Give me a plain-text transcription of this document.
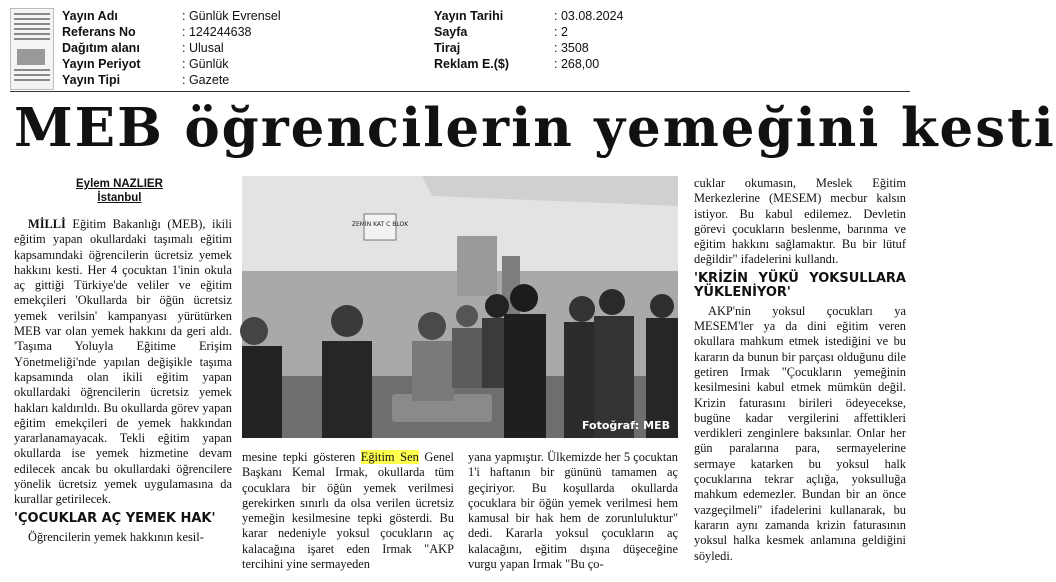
Yayın Adı	: Günlük Evrensel
Referans No	: 124244638
Dağıtım alanı	: Ulusal
Yayın Periyot	: Günlük
Yayın Tipi	: Gazete
Yayın Tarihi	: 03.08.2024
Sayfa	: 2
Tiraj	: 3508
Reklam E.($)	: 268,00
MEB öğrencilerin yemeğini kesti
Eylem NAZLIER
İstanbul

MİLLİ Eğitim Bakanlığı (MEB), ikili eğitim yapan okullardaki taşımalı eğitim kapsamındaki öğrencilerin ücretsiz yemek hakkını kesti. Her 4 çocuktan 1'inin okula aç gittiği Türkiye'de veliler ve eğitim emekçileri 'Okullarda bir öğün ücretsiz yemek verilsin' kampanyası yürütürken MEB var olan yemek hakkını da geri aldı. 'Taşıma Yoluyla Eğitime Erişim Yönetmeliği'nde yapılan değişikle taşıma kapsamında olan ikili eğitim yapan okullardaki öğrencilerin ücretsiz yemek hakları kaldırıldı. Bu okullarda görev yapan eğitim emekçileri de yemek hakkından yararlanamayacak. Tekli eğitim yapan okullarda ise yemek hizmetine devam edilecek ancak bu okullardaki öğrencilere yönelik ücretsiz yemek uygulamasına da kurallar getirilecek.

'ÇOCUKLAR AÇ YEMEK HAK'

Öğrencilerin yemek hakkının kesil-

ZEMİN KAT C BLOK
Fotoğraf: MEB

mesine tepki gösteren Eğitim Sen Genel Başkanı Kemal Irmak, okullarda tüm çocuklara bir öğün yemek verilmesi gerekirken sınırlı da olsa verilen ücretsiz yemeğin kesilmesine tepki gösterdi. Bu karar nedeniyle yoksul çocukların aç kalacağına işaret eden Irmak "AKP tercihini yine sermayeden

yana yapmıştır. Ülkemizde her 5 çocuktan 1'i haftanın bir gününü tamamen aç geçiriyor. Bu koşullarda okullarda çocuklara bir öğün yemek verilmesi hem kamusal bir hak hem de zorunluluktur" dedi. Kararla yoksul çocukların aç kalacağını, eğitim dışına düşeceğine vurgu yapan Irmak "Bu ço-

cuklar okumasın, Meslek Eğitim Merkezlerine (MESEM) mecbur kalsın istiyor. Bu kabul edilemez. Devletin görevi çocukların beslenme, barınma ve eğitim hakkını sağlamaktır. Bu bir lütuf değildir" ifadelerini kullandı.

'KRİZİN YÜKÜ YOKSULLARA YÜKLENİYOR'

AKP'nin yoksul çocukları ya MESEM'ler ya da dini eğitim veren okullara mahkum etmek istediğini ve bu kararın da bunun bir parçası olduğunu dile getiren Irmak "Çocukların yemeğinin kesilmesini kabul etmek mümkün değil. Krizin faturasını birileri ödeyecekse, bugüne kadar vergilerini affettikleri verdikleri zenginlere baksınlar. Onlar her gün paralarına para, sermayelerine sermaye katarken bu yoksul halk çocuklarına tekrar açlığa, yoksulluğa mahkum edemezler. Bundan bir an önce vazgeçilmeli" ifadelerini kullanarak, bu kararın aynı zamanda krizin faturasının yoksul halka kesmek anlamına geldiğini söyledi.
